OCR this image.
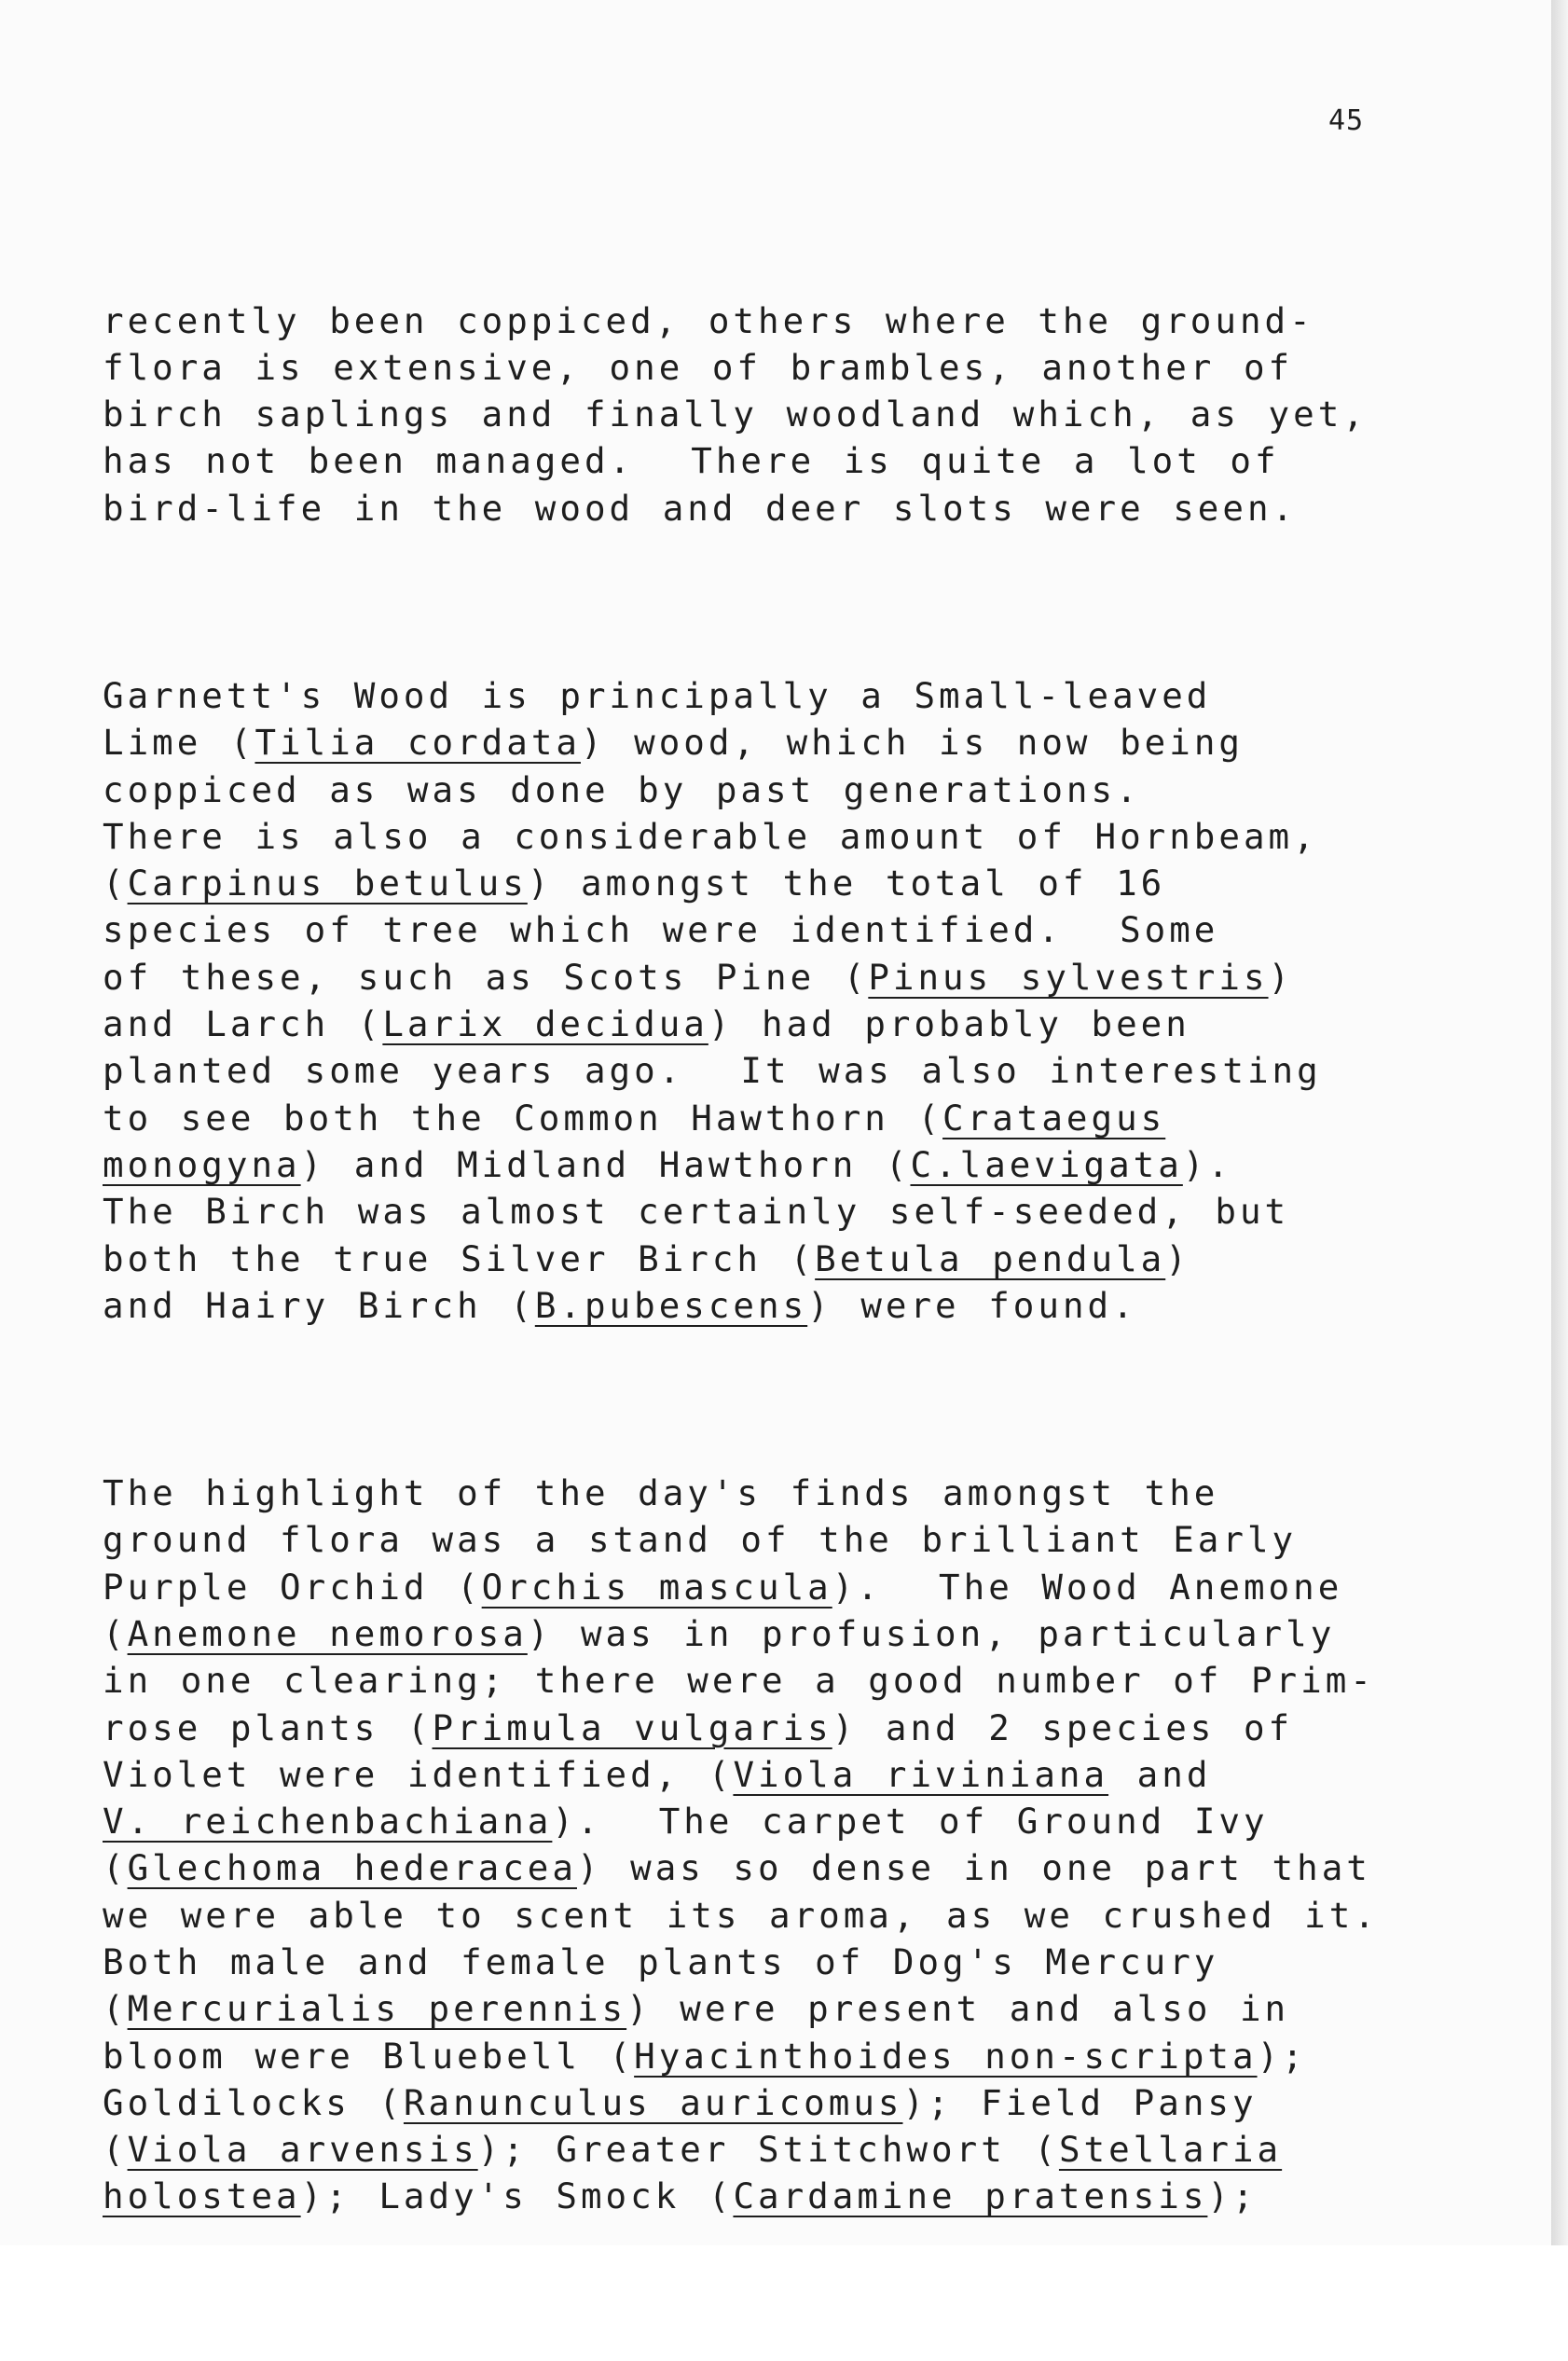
45

recently been coppiced, others where the ground-
flora is extensive, one of brambles, another of
birch saplings and finally woodland which, as yet,
has not been managed.  There is quite a lot of
bird-life in the wood and deer slots were seen.

Garnett's Wood is principally a Small-leaved
Lime (Tilia cordata) wood, which is now being
coppiced as was done by past generations.
There is also a considerable amount of Hornbeam,
(Carpinus betulus) amongst the total of 16
species of tree which were identified.  Some
of these, such as Scots Pine (Pinus sylvestris)
and Larch (Larix decidua) had probably been
planted some years ago.  It was also interesting
to see both the Common Hawthorn (Crataegus
monogyna) and Midland Hawthorn (C.laevigata).
The Birch was almost certainly self-seeded, but
both the true Silver Birch (Betula pendula)
and Hairy Birch (B.pubescens) were found.

The highlight of the day's finds amongst the
ground flora was a stand of the brilliant Early
Purple Orchid (Orchis mascula).  The Wood Anemone
(Anemone nemorosa) was in profusion, particularly
in one clearing; there were a good number of Prim-
rose plants (Primula vulgaris) and 2 species of
Violet were identified, (Viola riviniana and
V. reichenbachiana).  The carpet of Ground Ivy
(Glechoma hederacea) was so dense in one part that
we were able to scent its aroma, as we crushed it.
Both male and female plants of Dog's Mercury
(Mercurialis perennis) were present and also in
bloom were Bluebell (Hyacinthoides non-scripta);
Goldilocks (Ranunculus auricomus); Field Pansy
(Viola arvensis); Greater Stitchwort (Stellaria
holostea); Lady's Smock (Cardamine pratensis);
